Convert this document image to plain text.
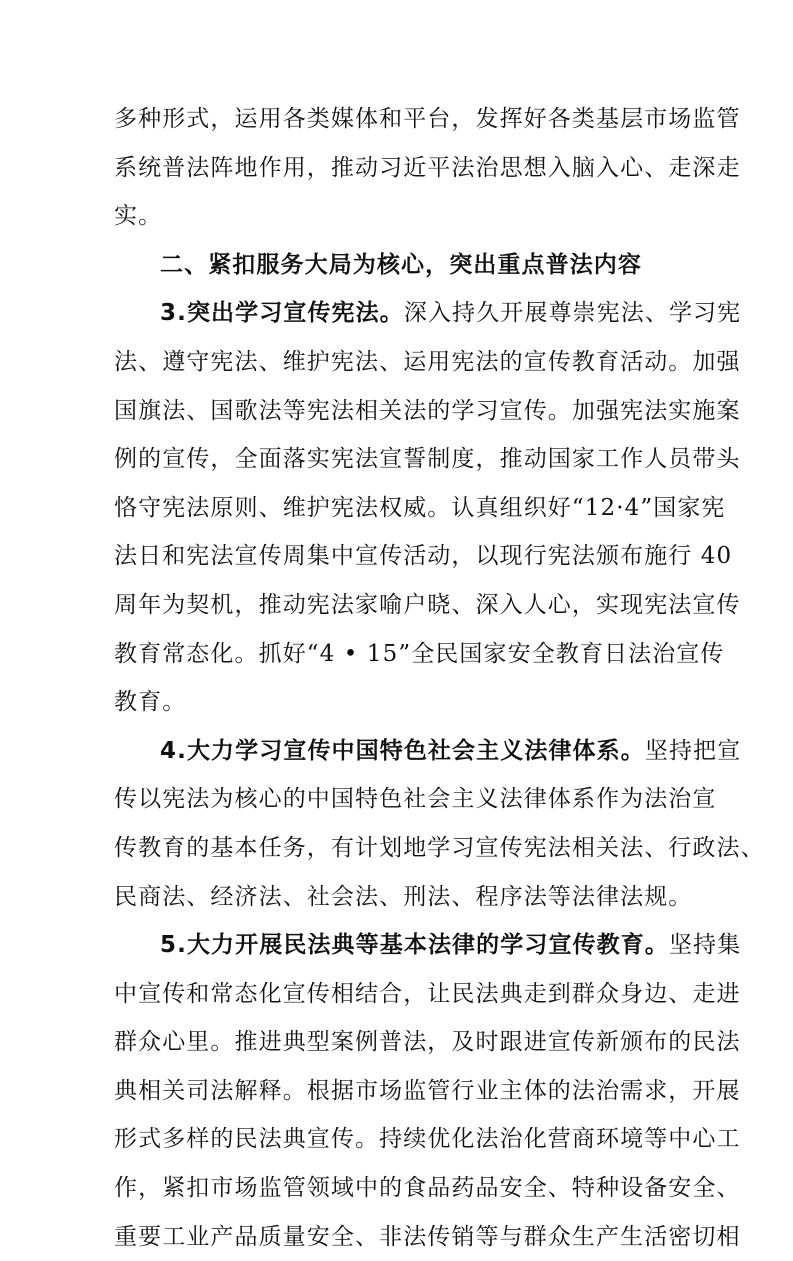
多种形式，运用各类媒体和平台，发挥好各类基层市场监管
系统普法阵地作用，推动习近平法治思想入脑入心、走深走
实。
二、紧扣服务大局为核心，突出重点普法内容
3.突出学习宣传宪法。深入持久开展尊崇宪法、学习宪
法、遵守宪法、维护宪法、运用宪法的宣传教育活动。加强
国旗法、国歌法等宪法相关法的学习宣传。加强宪法实施案
例的宣传，全面落实宪法宣誓制度，推动国家工作人员带头
恪守宪法原则、维护宪法权威。认真组织好“12·4”国家宪
法日和宪法宣传周集中宣传活动，以现行宪法颁布施行 40
周年为契机，推动宪法家喻户晓、深入人心，实现宪法宣传
教育常态化。抓好“4 • 15”全民国家安全教育日法治宣传
教育。
4.大力学习宣传中国特色社会主义法律体系。坚持把宣
传以宪法为核心的中国特色社会主义法律体系作为法治宣
传教育的基本任务，有计划地学习宣传宪法相关法、行政法、
民商法、经济法、社会法、刑法、程序法等法律法规。
5.大力开展民法典等基本法律的学习宣传教育。坚持集
中宣传和常态化宣传相结合，让民法典走到群众身边、走进
群众心里。推进典型案例普法，及时跟进宣传新颁布的民法
典相关司法解释。根据市场监管行业主体的法治需求，开展
形式多样的民法典宣传。持续优化法治化营商环境等中心工
作，紧扣市场监管领域中的食品药品安全、特种设备安全、
重要工业产品质量安全、非法传销等与群众生产生活密切相
